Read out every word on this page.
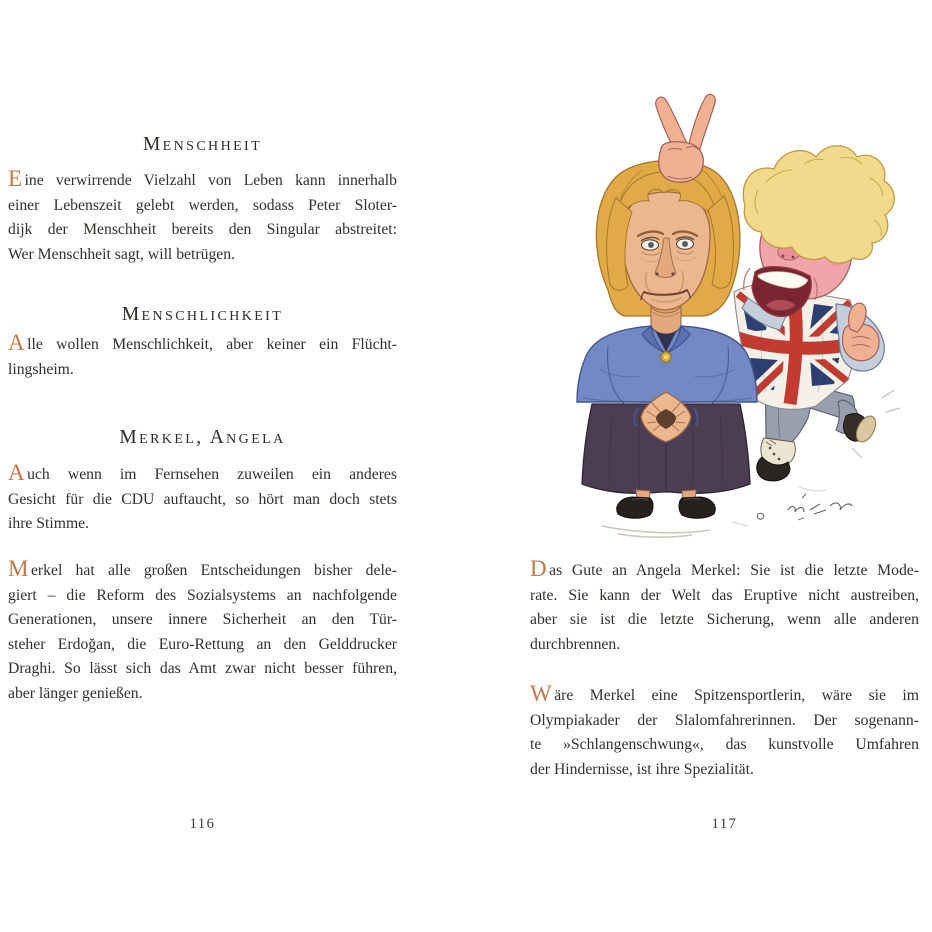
Menschheit
E ine verwirrende Vielzahl von Leben kann innerhalb
einer Lebenszeit gelebt werden, sodass Peter Sloter-
dijk der Menschheit bereits den Singular abstreitet:
Wer Menschheit sagt, will betrügen.
Menschlichkeit
A lle wollen Menschlichkeit, aber keiner ein Flücht-
lingsheim.
Merkel, Angela
A uch wenn im Fernsehen zuweilen ein anderes
Gesicht für die CDU auftaucht, so hört man doch stets
ihre Stimme.
M erkel hat alle großen Entscheidungen bisher dele-
giert – die Reform des Sozialsystems an nachfolgende
Generationen, unsere innere Sicherheit an den Tür-
steher Erdoğan, die Euro-Rettung an den Gelddrucker
Draghi. So lässt sich das Amt zwar nicht besser führen,
aber länger genießen.
116
D as Gute an Angela Merkel: Sie ist die letzte Mode-
rate. Sie kann der Welt das Eruptive nicht austreiben,
aber sie ist die letzte Sicherung, wenn alle anderen
durchbrennen.
W äre Merkel eine Spitzensportlerin, wäre sie im
Olympiakader der Slalomfahrerinnen. Der sogenann-
te »Schlangenschwung«, das kunstvolle Umfahren
der Hindernisse, ist ihre Spezialität.
117
